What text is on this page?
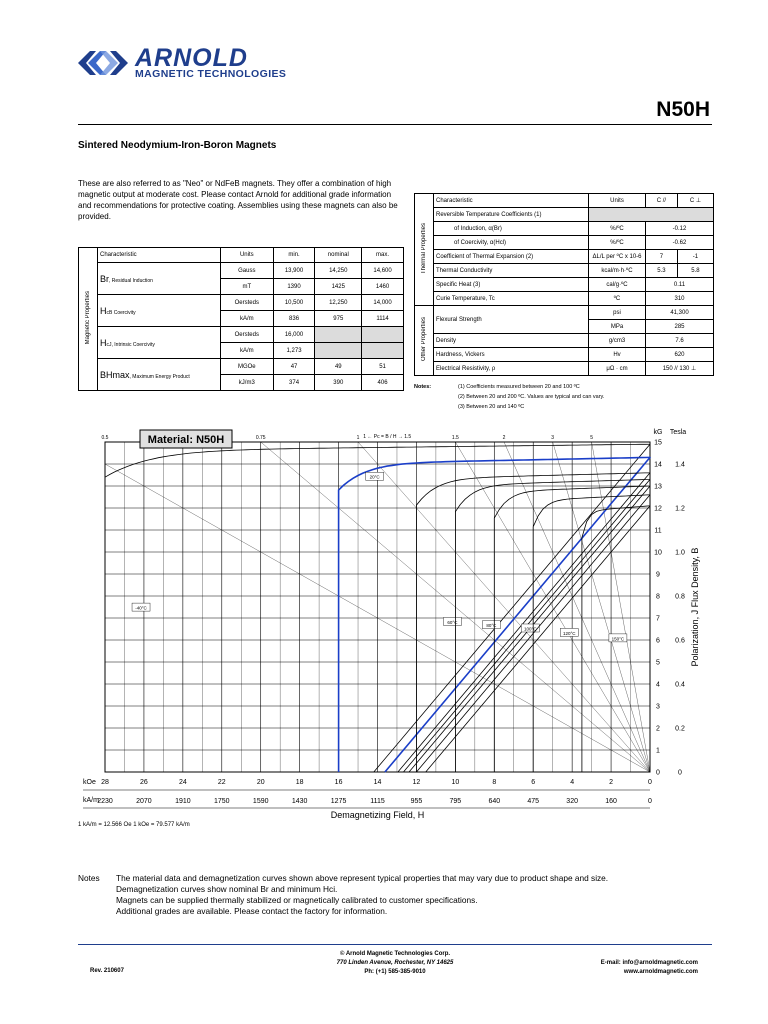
ARNOLD
MAGNETIC TECHNOLOGIES
N50H
Sintered Neodymium-Iron-Boron Magnets
These are also referred to as "Neo" or NdFeB magnets. They offer a combination of high magnetic output at moderate cost. Please contact Arnold for additional grade information and recommendations for protective coating. Assemblies using these magnets can also be provided.
Magnetic Properties	Characteristic	Units	min.	nominal	max.
	Br, Residual Induction	Gauss	13,900	14,250	14,600
		mT	1390	1425	1460
	HcB Coercivity	Oersteds	10,500	12,250	14,000
		kA/m	836	975	1114
	HcJ, Intrinsic Coercivity	Oersteds	16,000		
		kA/m	1,273		
	BHmax, Maximum Energy Product	MGOe	47	49	51
		kJ/m3	374	390	406
Thermal Properties	Characteristic	Units	C //	C ⊥
	Reversible Temperature Coefficients (1)			
	of Induction, α(Br)	%/ºC	-0.12	
	of Coercivity, α(Hcl)	%/ºC	-0.62	
	Coefficient of Thermal Expansion (2)	ΔL/L per ºC x 10-6	7	-1
	Thermal Conductivity	kcal/m·h·ºC	5.3	5.8
	Specific Heat (3)	cal/g·ºC	0.11	
	Curie Temperature, Tc	ºC	310	
Other Properties	Flexural Strength	psi	41,300	
		MPa	285	
	Density	g/cm3	7.6	
	Hardness, Vickers	Hv	620	
	Electrical Resistivity, ρ	μΩ · cm	150 // 130 ⊥	
Notes:	(1) Coefficients measured between 20 and 100 ºC
(2) Between 20 and 200 ºC. Values are typical and can vary.
(3) Between 20 and 140 ºC
28	26	24	22	20	18	16	14	12	10	8	6	4	2	0
2230	2070	1910	1750	1590	1430	1275	1115	955	795	640	475	320	160	0
kOe
kA/m
Demagnetizing Field, H
15
14
13
12
11
10
9
8
7
6
5
4
3
2
1
0
kG Tesla
1.4
1.2
1.0
0.8
0.6
0.4
0.2
0
Polarization, J Flux Density, B
0.5	0.75	1	1.5	2	3	5
1 ← Pc = B / H → 1.5
-40°C
20°C
60°C
80°C
100°C
120°C
150°C
Material: N50H
1 kA/m = 12.566 Oe 1 kOe = 79.577 kA/m
Notes The material data and demagnetization curves shown above represent typical properties that may vary due to product shape and size.
Demagnetization curves show nominal Br and minimum Hci.
Magnets can be supplied thermally stabilized or magnetically calibrated to customer specifications.
Additional grades are available. Please contact the factory for information.
© Arnold Magnetic Technologies Corp.
770 Linden Avenue, Rochester, NY 14625
Ph: (+1) 585-385-9010
Rev. 210607
E-mail: info@arnoldmagnetic.com
www.arnoldmagnetic.com
